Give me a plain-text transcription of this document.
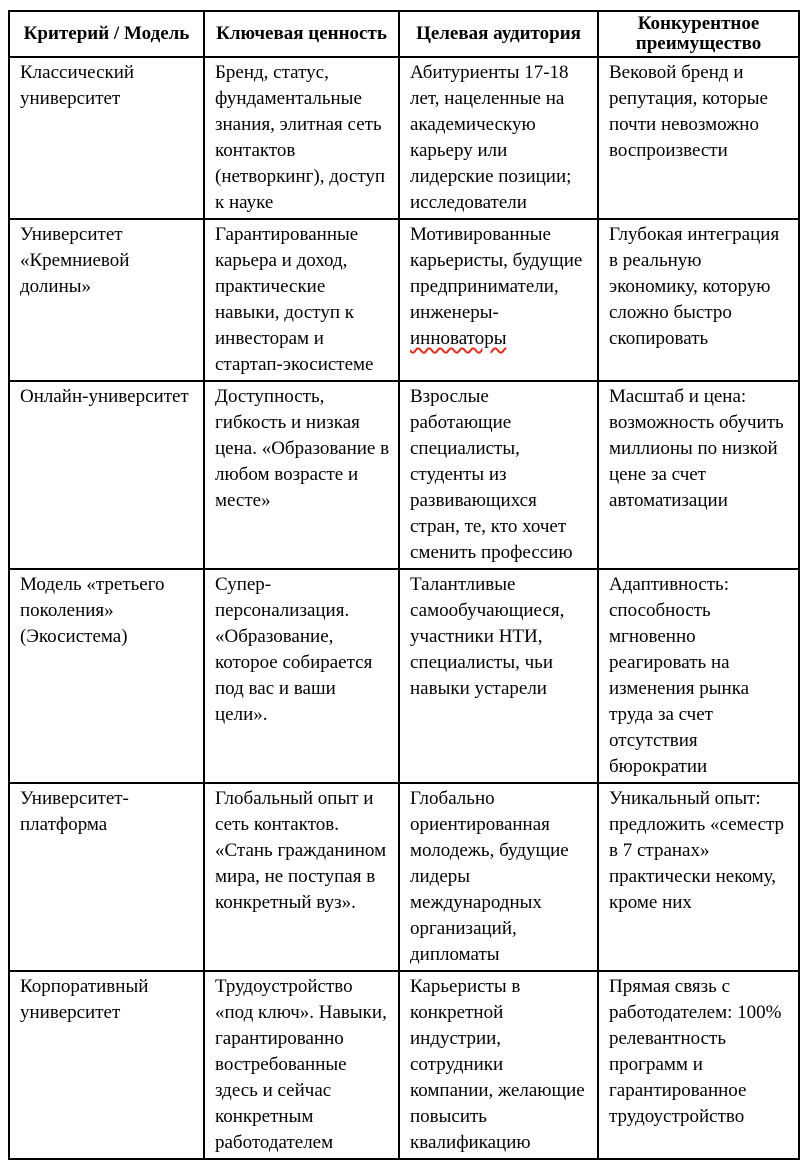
Критерий / Модель	Ключевая ценность	Целевая аудитория	Конкурентное преимущество
Классический университет	Бренд, статус, фундаментальные знания, элитная сеть контактов (нетворкинг), доступ к науке	Абитуриенты 17-18 лет, нацеленные на академическую карьеру или лидерские позиции; исследователи	Вековой бренд и репутация, которые почти невозможно воспроизвести
Университет «Кремниевой долины»	Гарантированные карьера и доход, практические навыки, доступ к инвесторам и стартап-экосистеме	Мотивированные карьеристы, будущие предприниматели, инженеры-инноваторы	Глубокая интеграция в реальную экономику, которую сложно быстро скопировать
Онлайн-университет	Доступность, гибкость и низкая цена. «Образование в любом возрасте и месте»	Взрослые работающие специалисты, студенты из развивающихся стран, те, кто хочет сменить профессию	Масштаб и цена: возможность обучить миллионы по низкой цене за счет автоматизации
Модель «третьего поколения» (Экосистема)	Супер-персонализация. «Образование, которое собирается под вас и ваши цели».	Талантливые самообучающиеся, участники НТИ, специалисты, чьи навыки устарели	Адаптивность: способность мгновенно реагировать на изменения рынка труда за счет отсутствия бюрократии
Университет-платформа	Глобальный опыт и сеть контактов. «Стань гражданином мира, не поступая в конкретный вуз».	Глобально ориентированная молодежь, будущие лидеры международных организаций, дипломаты	Уникальный опыт: предложить «семестр в 7 странах» практически некому, кроме них
Корпоративный университет	Трудоустройство «под ключ». Навыки, гарантированно востребованные здесь и сейчас конкретным работодателем	Карьеристы в конкретной индустрии, сотрудники компании, желающие повысить квалификацию	Прямая связь с работодателем: 100% релевантность программ и гарантированное трудоустройство
